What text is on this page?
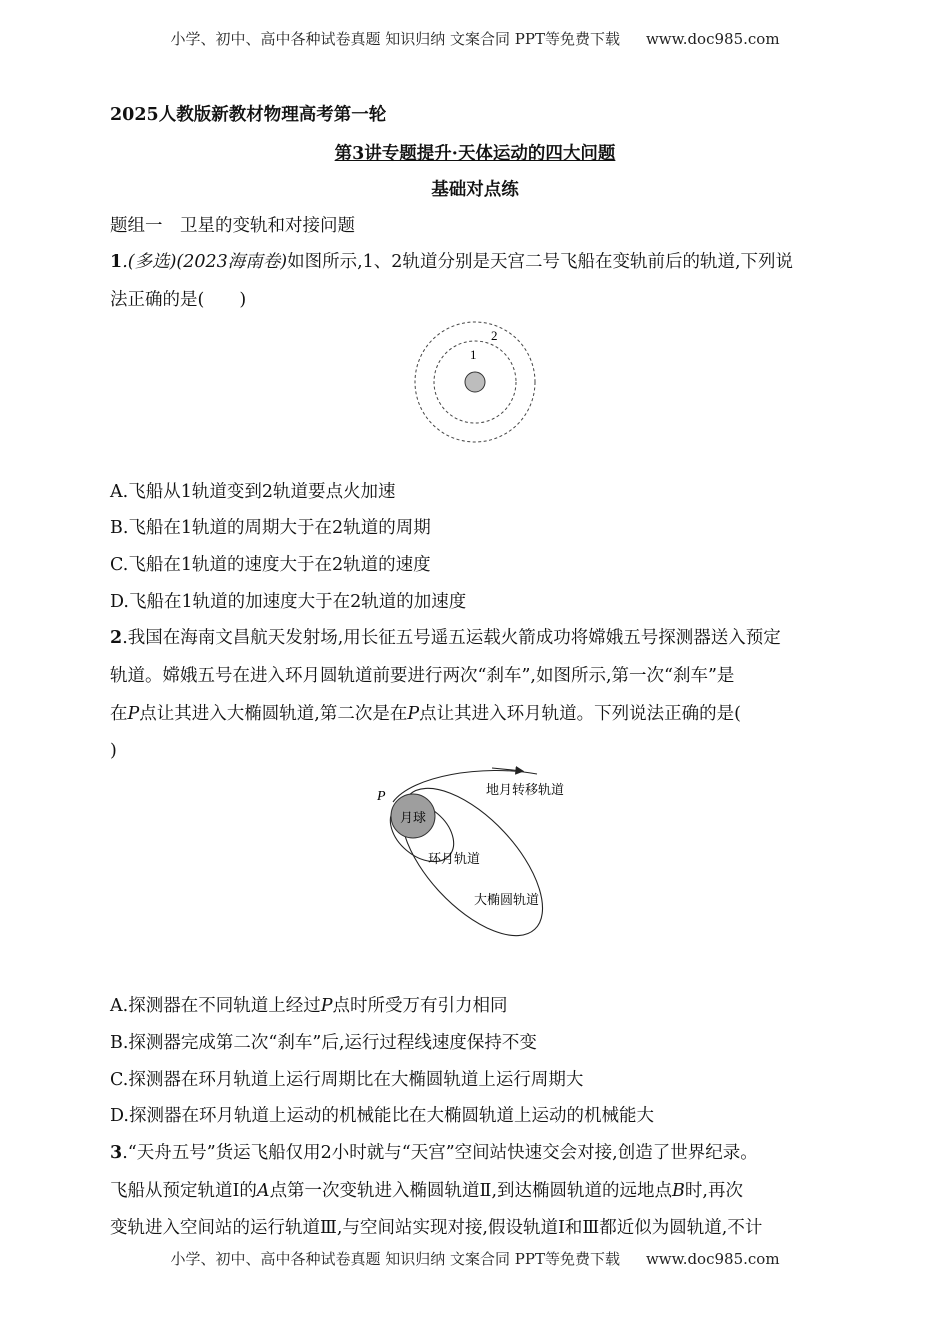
小学、初中、高中各种试卷真题 知识归纳 文案合同 PPT等免费下载 www.doc985.com
2025人教版新教材物理高考第一轮
第3讲专题提升·天体运动的四大问题
基础对点练
题组一　卫星的变轨和对接问题
1.(多选)(2023海南卷)如图所示,1、2轨道分别是天宫二号飞船在变轨前后的轨道,下列说
法正确的是(　　)
1
2
A.飞船从1轨道变到2轨道要点火加速
B.飞船在1轨道的周期大于在2轨道的周期
C.飞船在1轨道的速度大于在2轨道的速度
D.飞船在1轨道的加速度大于在2轨道的加速度
2.我国在海南文昌航天发射场,用长征五号遥五运载火箭成功将嫦娥五号探测器送入预定
轨道。嫦娥五号在进入环月圆轨道前要进行两次“刹车”,如图所示,第一次“刹车”是
在P点让其进入大椭圆轨道,第二次是在P点让其进入环月轨道。下列说法正确的是(
)
月球
P	地月转移轨道
环月轨道
大椭圆轨道
A.探测器在不同轨道上经过P点时所受万有引力相同
B.探测器完成第二次“刹车”后,运行过程线速度保持不变
C.探测器在环月轨道上运行周期比在大椭圆轨道上运行周期大
D.探测器在环月轨道上运动的机械能比在大椭圆轨道上运动的机械能大
3.“天舟五号”货运飞船仅用2小时就与“天宫”空间站快速交会对接,创造了世界纪录。
飞船从预定轨道Ⅰ的A点第一次变轨进入椭圆轨道Ⅱ,到达椭圆轨道的远地点B时,再次
变轨进入空间站的运行轨道Ⅲ,与空间站实现对接,假设轨道Ⅰ和Ⅲ都近似为圆轨道,不计
小学、初中、高中各种试卷真题 知识归纳 文案合同 PPT等免费下载 www.doc985.com
